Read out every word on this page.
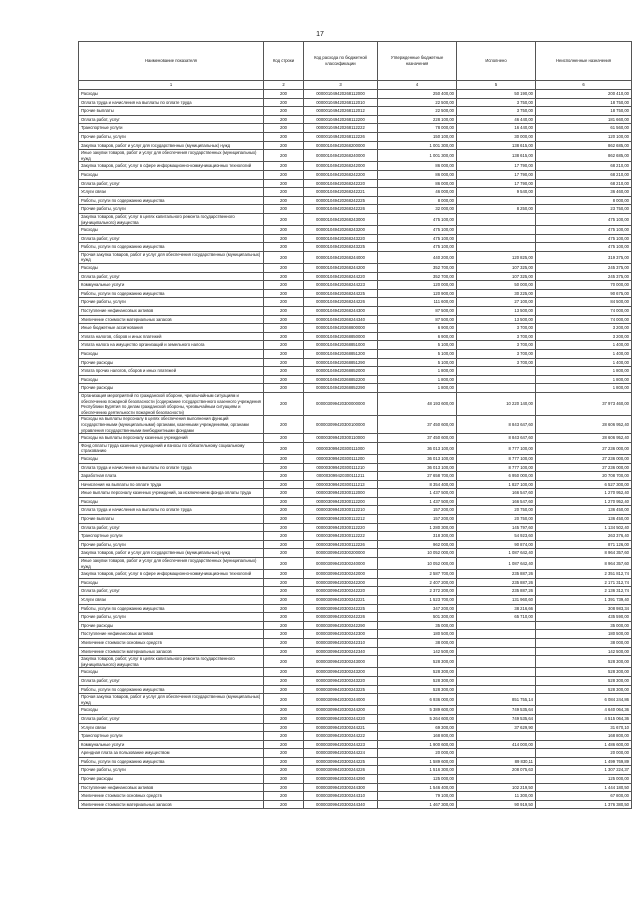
17
Наименование показателя	Код строки	Код расхода по бюджетной классификации	Утвержденные бюджетные назначения	Исполнено	Неисполненные назначения
1	2	3	4	5	6
Расходы	200	000001049420268112000	250 400,00	50 190,00	200 410,00
Оплата труда и начисления на выплаты по оплате труда	200	000001049420268112010	22 500,00	3 750,00	18 750,00
Прочие выплаты	200	000001049420268112012	22 500,00	3 750,00	18 750,00
Оплата работ, услуг	200	000001049420268112200	228 100,00	46 440,00	181 660,00
Транспортные услуги	200	000001049420268112222	78 000,00	16 440,00	61 560,00
Прочие работы, услуги	200	000001049420268112226	150 100,00	30 000,00	120 100,00
Закупка товаров, работ и услуг для государственных (муниципальных) нужд	200	000001049420268200000	1 001 300,00	138 615,00	862 685,00
Иные закупки товаров, работ и услуг для обеспечения государственных (муниципальных) нужд	200	000001049420268240000	1 001 300,00	138 615,00	862 685,00
Закупка товаров, работ, услуг в сфере информационно-коммуникационных технологий	200	000001049420268242000	86 000,00	17 790,00	68 210,00
Расходы	200	000001049420268242200	86 000,00	17 790,00	68 210,00
Оплата работ, услуг	200	000001049420268242220	86 000,00	17 790,00	68 210,00
Услуги связи	200	000001049420268242221	46 000,00	9 540,00	36 460,00
Работы, услуги по содержанию имущества	200	000001049420268242225	8 000,00		8 000,00
Прочие работы, услуги	200	000001049420268242226	32 000,00	8 250,00	23 750,00
Закупка товаров, работ, услуг в целях капитального ремонта государственного (муниципального) имущества	200	000001049420268243000	475 100,00		475 100,00
Расходы	200	000001049420268243200	475 100,00		475 100,00
Оплата работ, услуг	200	000001049420268243220	475 100,00		475 100,00
Работы, услуги по содержанию имущества	200	000001049420268243225	475 100,00		475 100,00
Прочая закупка товаров, работ и услуг для обеспечения государственных (муниципальных) нужд	200	000001049420268244000	440 200,00	120 825,00	319 375,00
Расходы	200	000001049420268244200	352 700,00	107 325,00	245 375,00
Оплата работ, услуг	200	000001049420268244220	352 700,00	107 325,00	245 375,00
Коммунальные услуги	200	000001049420268244223	120 000,00	50 000,00	70 000,00
Работы, услуги по содержанию имущества	200	000001049420268244225	120 900,00	30 225,00	90 675,00
Прочие работы, услуги	200	000001049420268244226	111 600,00	27 100,00	84 500,00
Поступление нефинансовых активов	200	000001049420268244300	87 500,00	13 500,00	74 000,00
Увеличение стоимости материальных запасов	200	000001049420268244340	87 500,00	13 500,00	74 000,00
Иные бюджетные ассигнования	200	000001049420268800000	6 900,00	3 700,00	3 200,00
Уплата налогов, сборов и иных платежей	200	000001049420268850000	6 900,00	3 700,00	3 200,00
Уплата налога на имущество организаций и земельного налога	200	000001049420268851000	5 100,00	3 700,00	1 400,00
Расходы	200	000001049420268851200	5 100,00	3 700,00	1 400,00
Прочие расходы	200	000001049420268851290	5 100,00	3 700,00	1 400,00
Уплата прочих налогов, сборов и иных платежей	200	000001049420268852000	1 800,00		1 800,00
Расходы	200	000001049420268852200	1 800,00		1 800,00
Прочие расходы	200	000001049420268852290	1 800,00		1 800,00
Организация мероприятий по гражданской обороне, чрезвычайным ситуациям и обеспечению пожарной безопасности (содержание государственного казенного учреждения Республики Бурятия по делам гражданской обороны, чрезвычайным ситуациям и обеспечению деятельности пожарной безопасности)	200	000003099420300000000	48 193 600,00	10 220 140,00	37 973 460,00
Расходы на выплаты персоналу в целях обеспечения выполнения функций государственными (муниципальными) органами, казенными учреждениями, органами управления государственными внебюджетными фондами	200	000003099420300100000	37 450 600,00	8 843 647,60	28 606 952,40
Расходы на выплаты персоналу казенных учреждений	200	000003099420300110000	37 450 600,00	8 843 647,60	28 606 952,40
Фонд оплаты труда казенных учреждений и взносы по обязательному социальному страхованию	200	000003099420300111000	36 013 100,00	8 777 100,00	27 236 000,00
Расходы	200	000003099420300111200	36 013 100,00	8 777 100,00	27 236 000,00
Оплата труда и начисления на выплаты по оплате труда	200	000003099420300111210	36 013 100,00	8 777 100,00	27 236 000,00
Заработная плата	200	000003099420300111211	27 658 700,00	6 950 000,00	20 708 700,00
Начисления на выплаты по оплате труда	200	000003099420300111213	8 354 400,00	1 827 100,00	6 527 300,00
Иные выплаты персоналу казенных учреждений, за исключением фонда оплаты труда	200	000003099420300112000	1 437 500,00	166 547,60	1 270 952,40
Расходы	200	000003099420300112200	1 437 500,00	166 547,60	1 270 952,40
Оплата труда и начисления на выплаты по оплате труда	200	000003099420300112210	157 200,00	20 750,00	136 450,00
Прочие выплаты	200	000003099420300112212	157 200,00	20 750,00	136 450,00
Оплата работ, услуг	200	000003099420300112220	1 280 300,00	145 797,60	1 134 502,40
Транспортные услуги	200	000003099420300112222	318 300,00	54 923,60	263 376,40
Прочие работы, услуги	200	000003099420300112226	962 000,00	90 874,00	871 126,00
Закупка товаров, работ и услуг для государственных (муниципальных) нужд	200	000003099420300200000	10 052 000,00	1 087 642,40	8 964 357,60
Иные закупки товаров, работ и услуг для обеспечения государственных (муниципальных) нужд	200	000003099420300240000	10 052 000,00	1 087 642,40	8 964 357,60
Закупка товаров, работ, услуг в сфере информационно-коммуникационных технологий	200	000003099420300242000	2 587 700,00	235 887,26	2 351 812,74
Расходы	200	000003099420300242200	2 407 200,00	235 887,26	2 171 312,74
Оплата работ, услуг	200	000003099420300242220	2 372 200,00	235 887,26	2 136 312,74
Услуги связи	200	000003099420300242221	1 523 700,00	131 960,60	1 391 739,40
Работы, услуги по содержанию имущества	200	000003099420300242225	347 200,00	38 216,66	308 983,34
Прочие работы, услуги	200	000003099420300242226	501 300,00	65 710,00	435 590,00
Прочие расходы	200	000003099420300242290	35 000,00		35 000,00
Поступление нефинансовых активов	200	000003099420300242300	180 500,00		180 500,00
Увеличение стоимости основных средств	200	000003099420300242310	38 000,00		38 000,00
Увеличение стоимости материальных запасов	200	000003099420300242340	142 500,00		142 500,00
Закупка товаров, работ, услуг в целях капитального ремонта государственного (муниципального) имущества	200	000003099420300243000	528 300,00		528 300,00
Расходы	200	000003099420300243200	528 300,00		528 300,00
Оплата работ, услуг	200	000003099420300243220	528 300,00		528 300,00
Работы, услуги по содержанию имущества	200	000003099420300243225	528 300,00		528 300,00
Прочая закупка товаров, работ и услуг для обеспечения государственных (муниципальных) нужд	200	000003099420300244000	6 936 000,00	851 755,14	6 084 244,86
Расходы	200	000003099420300244200	5 389 600,00	749 535,64	4 640 064,36
Оплата работ, услуг	200	000003099420300244220	5 264 600,00	749 535,64	4 515 064,36
Услуги связи	200	000003099420300244221	69 300,00	37 629,90	31 670,10
Транспортные услуги	200	000003099420300244222	168 800,00		168 800,00
Коммунальные услуги	200	000003099420300244223	1 900 600,00	414 000,00	1 486 600,00
Арендная плата за пользование имуществом	200	000003099420300244224	20 000,00		20 000,00
Работы, услуги по содержанию имущества	200	000003099420300244225	1 589 600,00	89 830,11	1 499 769,89
Прочие работы, услуги	200	000003099420300244226	1 516 300,00	208 075,63	1 307 224,37
Прочие расходы	200	000003099420300244290	125 000,00		125 000,00
Поступление нефинансовых активов	200	000003099420300244300	1 546 400,00	102 219,50	1 444 180,50
Увеличение стоимости основных средств	200	000003099420300244310	79 100,00	11 300,00	67 800,00
Увеличение стоимости материальных запасов	200	000003099420300244340	1 467 300,00	90 919,50	1 376 380,50
